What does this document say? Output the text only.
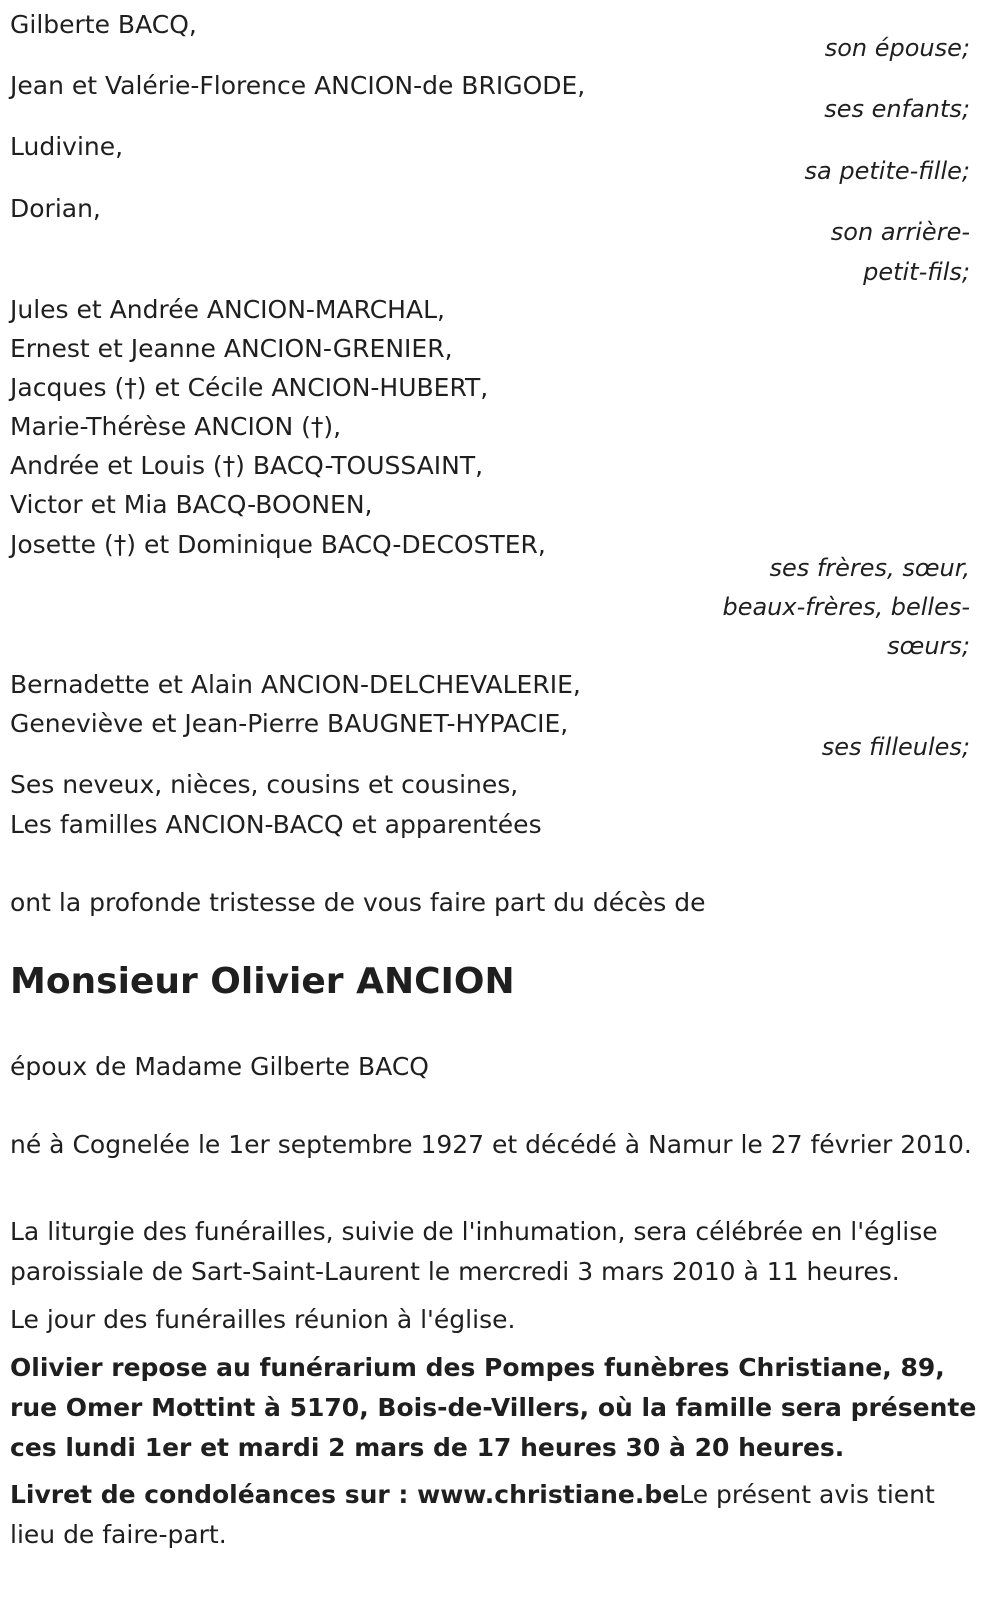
Gilberte BACQ,
son épouse;
Jean et Valérie-Florence ANCION-de BRIGODE,
ses enfants;
Ludivine,
sa petite-fille;
Dorian,
son arrière-
petit-fils;
Jules et Andrée ANCION-MARCHAL,
Ernest et Jeanne ANCION-GRENIER,
Jacques (†) et Cécile ANCION-HUBERT,
Marie-Thérèse ANCION (†),
Andrée et Louis (†) BACQ-TOUSSAINT,
Victor et Mia BACQ-BOONEN,
Josette (†) et Dominique BACQ-DECOSTER,
ses frères, sœur,
beaux-frères, belles-
sœurs;
Bernadette et Alain ANCION-DELCHEVALERIE,
Geneviève et Jean-Pierre BAUGNET-HYPACIE,
ses filleules;
Ses neveux, nièces, cousins et cousines,
Les familles ANCION-BACQ et apparentées
ont la profonde tristesse de vous faire part du décès de
Monsieur Olivier ANCION
époux de Madame Gilberte BACQ
né à Cognelée le 1er septembre 1927 et décédé à Namur le 27 février 2010.
La liturgie des funérailles, suivie de l'inhumation, sera célébrée en l'église paroissiale de Sart-Saint-Laurent le mercredi 3 mars 2010 à 11 heures.
Le jour des funérailles réunion à l'église.
Olivier repose au funérarium des Pompes funèbres Christiane, 89, rue Omer Mottint à 5170, Bois-de-Villers, où la famille sera présente ces lundi 1er et mardi 2 mars de 17 heures 30 à 20 heures.
Livret de condoléances sur : www.christiane.beLe présent avis tient lieu de faire-part.
